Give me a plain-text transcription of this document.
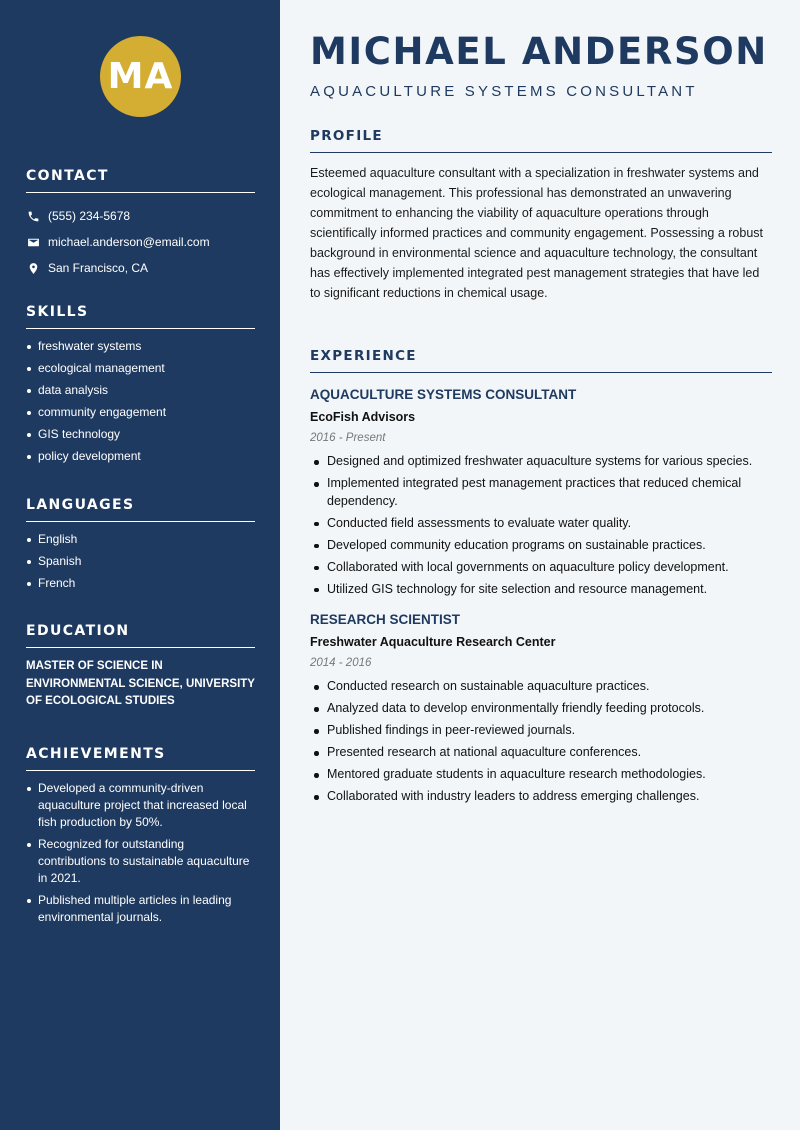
MA
CONTACT
(555) 234-5678
michael.anderson@email.com
San Francisco, CA
SKILLS
freshwater systems
ecological management
data analysis
community engagement
GIS technology
policy development
LANGUAGES
English
Spanish
French
EDUCATION

MASTER OF SCIENCE IN ENVIRONMENTAL SCIENCE, UNIVERSITY OF ECOLOGICAL STUDIES

ACHIEVEMENTS
Developed a community-driven aquaculture project that increased local fish production by 50%.
Recognized for outstanding contributions to sustainable aquaculture in 2021.
Published multiple articles in leading environmental journals.
MICHAEL ANDERSON
AQUACULTURE SYSTEMS CONSULTANT
PROFILE

Esteemed aquaculture consultant with a specialization in freshwater systems and ecological management. This professional has demonstrated an unwavering commitment to enhancing the viability of aquaculture operations through scientifically informed practices and community engagement. Possessing a robust background in environmental science and aquaculture technology, the consultant has effectively implemented integrated pest management strategies that have led to significant reductions in chemical usage.

EXPERIENCE
AQUACULTURE SYSTEMS CONSULTANT
EcoFish Advisors
2016 - Present
Designed and optimized freshwater aquaculture systems for various species.
Implemented integrated pest management practices that reduced chemical dependency.
Conducted field assessments to evaluate water quality.
Developed community education programs on sustainable practices.
Collaborated with local governments on aquaculture policy development.
Utilized GIS technology for site selection and resource management.
RESEARCH SCIENTIST
Freshwater Aquaculture Research Center
2014 - 2016
Conducted research on sustainable aquaculture practices.
Analyzed data to develop environmentally friendly feeding protocols.
Published findings in peer-reviewed journals.
Presented research at national aquaculture conferences.
Mentored graduate students in aquaculture research methodologies.
Collaborated with industry leaders to address emerging challenges.
